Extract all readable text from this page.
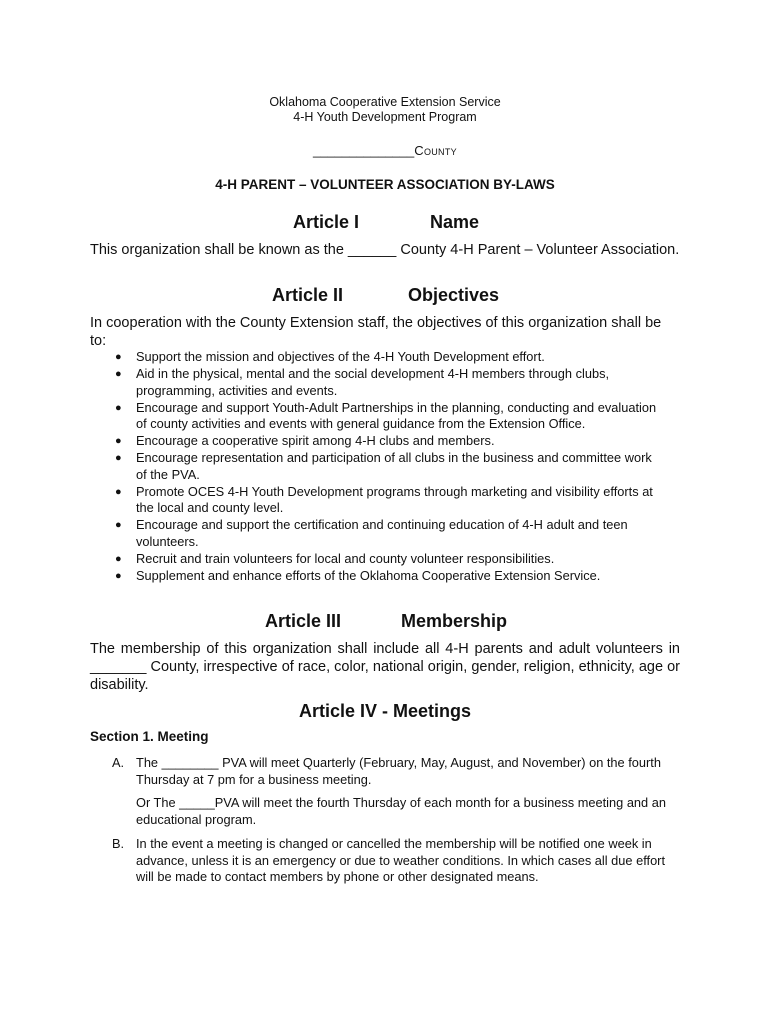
Oklahoma Cooperative Extension Service
4-H Youth Development Program
______________County
4-H PARENT – VOLUNTEER ASSOCIATION BY-LAWS
Article I	Name
This organization shall be known as the ______ County 4-H Parent – Volunteer Association.
Article II	Objectives
In cooperation with the County Extension staff, the objectives of this organization shall be to:
● Support the mission and objectives of the 4-H Youth Development effort.
● Aid in the physical, mental and the social development 4-H members through clubs, programming, activities and events.
● Encourage and support Youth-Adult Partnerships in the planning, conducting and evaluation of county activities and events with general guidance from the Extension Office.
● Encourage a cooperative spirit among 4-H clubs and members.
● Encourage representation and participation of all clubs in the business and committee work of the PVA.
● Promote OCES 4-H Youth Development programs through marketing and visibility efforts at the local and county level.
● Encourage and support the certification and continuing education of 4-H adult and teen volunteers.
● Recruit and train volunteers for local and county volunteer responsibilities.
● Supplement and enhance efforts of the Oklahoma Cooperative Extension Service.
Article III	Membership
The membership of this organization shall include all 4-H parents and adult volunteers in _______ County, irrespective of race, color, national origin, gender, religion, ethnicity, age or disability.
Article IV - Meetings
Section 1. Meeting
A. The ________ PVA will meet Quarterly (February, May, August, and November) on the fourth Thursday at 7 pm for a business meeting.
Or The _____PVA will meet the fourth Thursday of each month for a business meeting and an educational program.
B. In the event a meeting is changed or cancelled the membership will be notified one week in advance, unless it is an emergency or due to weather conditions. In which cases all due effort will be made to contact members by phone or other designated means.
